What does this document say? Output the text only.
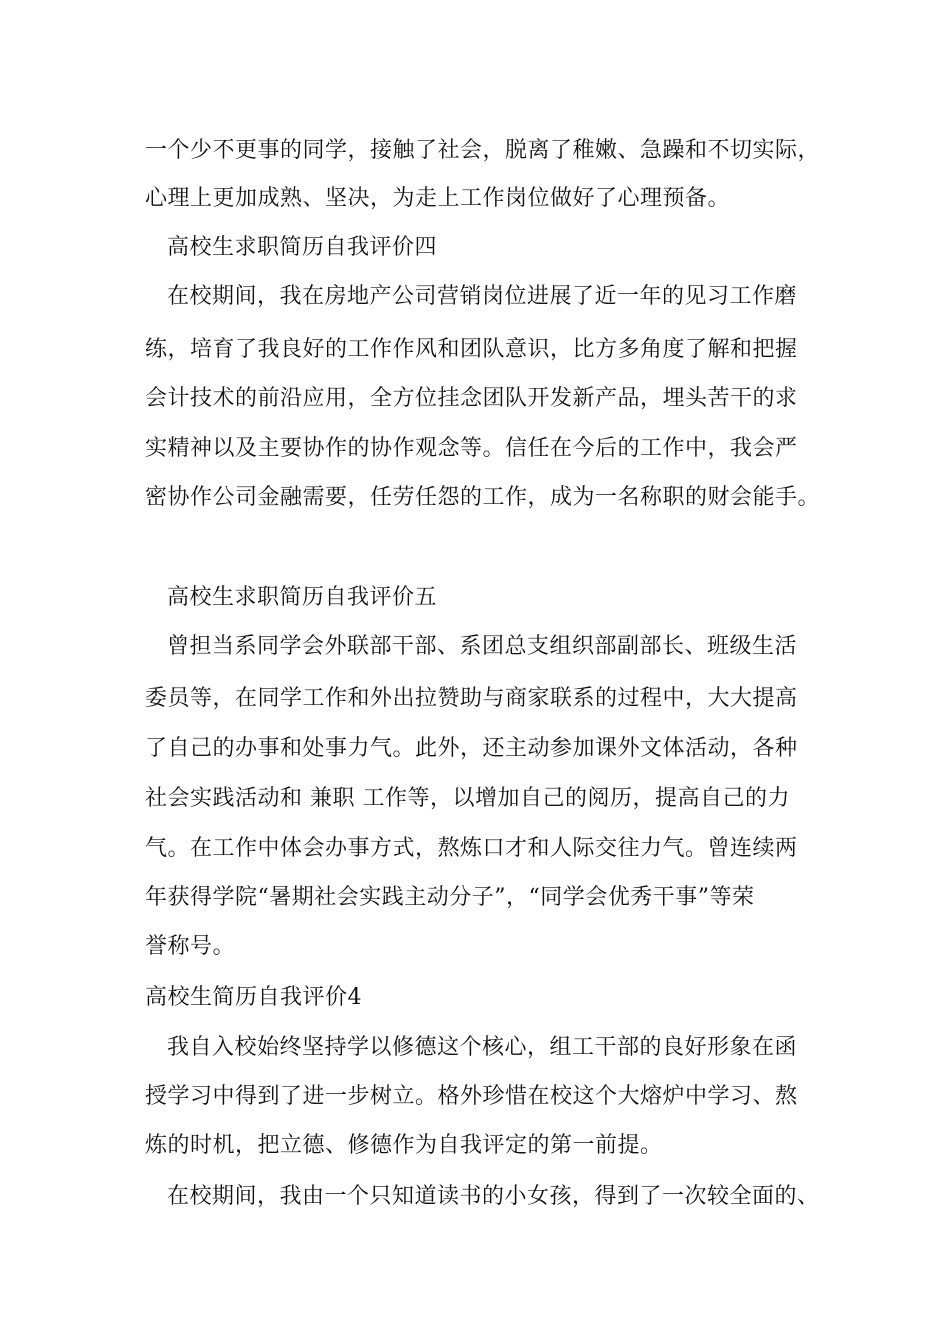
一个少不更事的同学，接触了社会，脱离了稚嫩、急躁和不切实际，
心理上更加成熟、坚决，为走上工作岗位做好了心理预备。
高校生求职简历自我评价四
在校期间，我在房地产公司营销岗位进展了近一年的见习工作磨
练，培育了我良好的工作作风和团队意识，比方多角度了解和把握
会计技术的前沿应用，全方位挂念团队开发新产品，埋头苦干的求
实精神以及主要协作的协作观念等。信任在今后的工作中，我会严
密协作公司金融需要，任劳任怨的工作，成为一名称职的财会能手。
高校生求职简历自我评价五
曾担当系同学会外联部干部、系团总支组织部副部长、班级生活
委员等，在同学工作和外出拉赞助与商家联系的过程中，大大提高
了自己的办事和处事力气。此外，还主动参加课外文体活动，各种
社会实践活动和 兼职 工作等，以增加自己的阅历，提高自己的力
气。在工作中体会办事方式，熬炼口才和人际交往力气。曾连续两
年获得学院“暑期社会实践主动分子”，“同学会优秀干事”等荣
誉称号。
高校生简历自我评价4
我自入校始终坚持学以修德这个核心，组工干部的良好形象在函
授学习中得到了进一步树立。格外珍惜在校这个大熔炉中学习、熬
炼的时机，把立德、修德作为自我评定的第一前提。
在校期间，我由一个只知道读书的小女孩，得到了一次较全面的、
